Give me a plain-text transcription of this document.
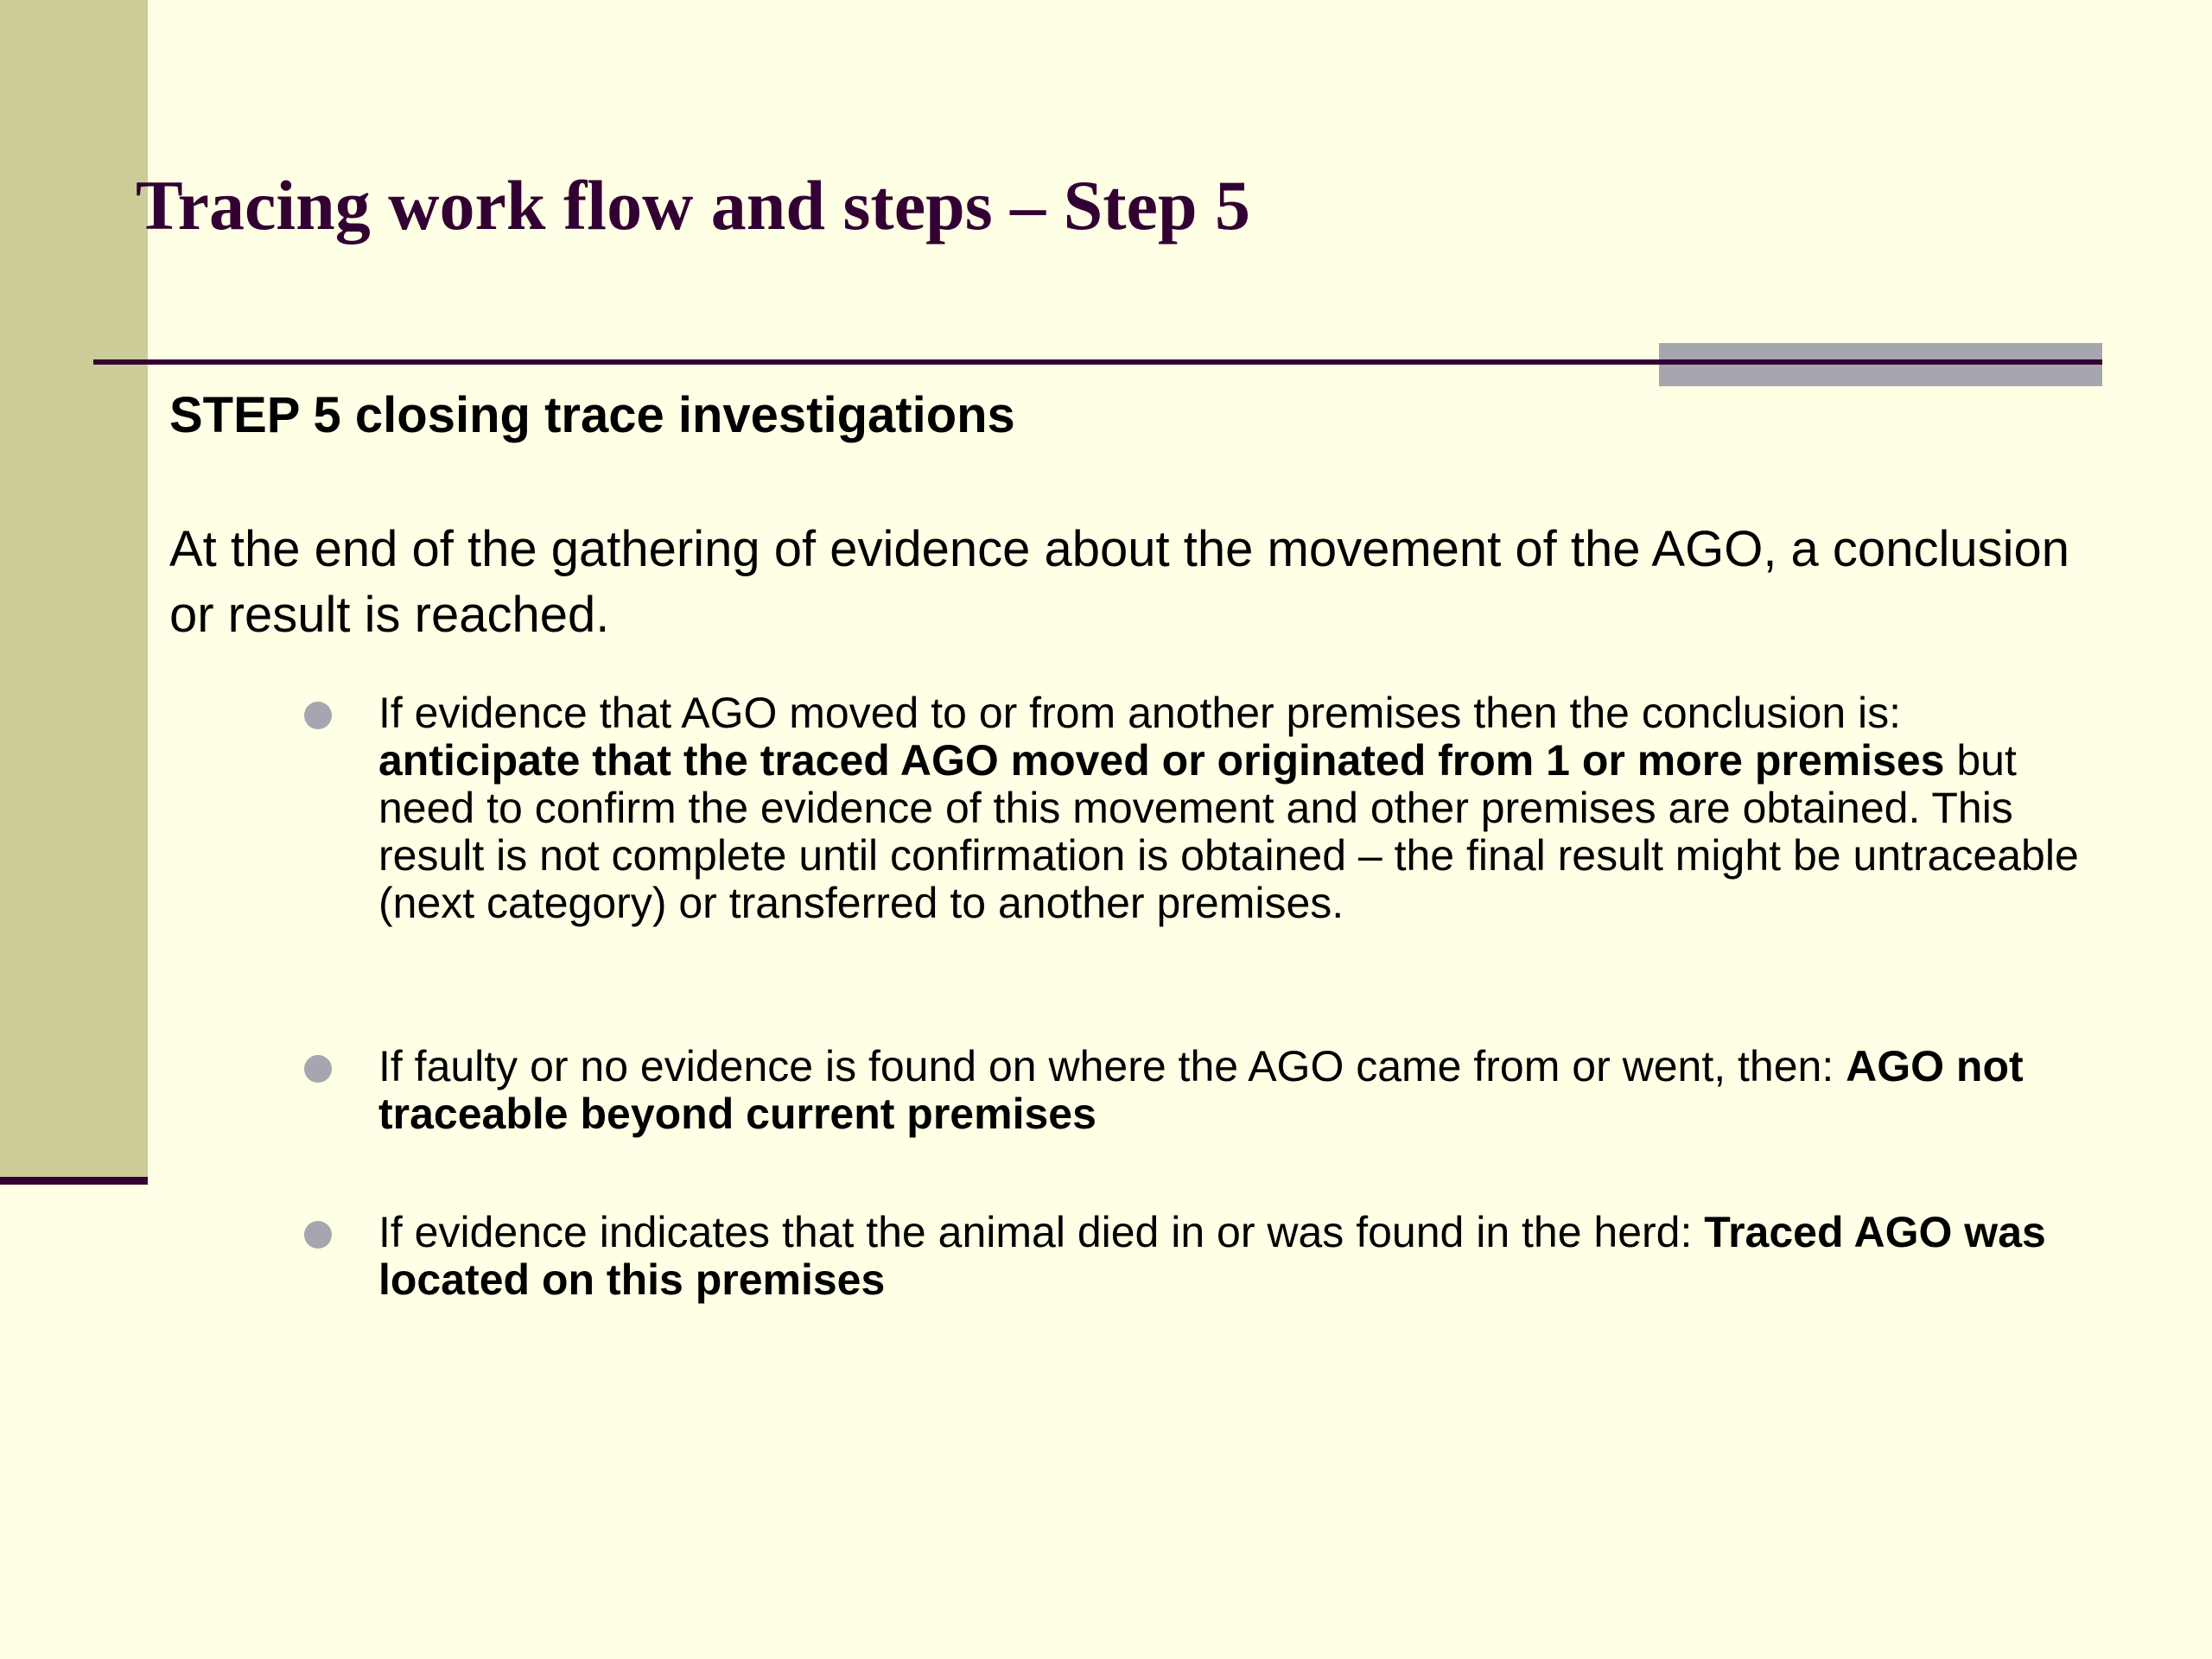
Tracing work flow and steps – Step 5
STEP 5 closing trace investigations

At the end of the gathering of evidence about the movement of the AGO, a conclusion or result is reached.

If evidence that AGO moved to or from another premises then the conclusion is: anticipate that the traced AGO moved or originated from 1 or more premises but need to confirm the evidence of this movement and other premises are obtained. This result is not complete until confirmation is obtained – the final result might be untraceable (next category) or transferred to another premises.
If faulty or no evidence is found on where the AGO came from or went, then: AGO not traceable beyond current premises
If evidence indicates that the animal died in or was found in the herd: Traced AGO was located on this premises
